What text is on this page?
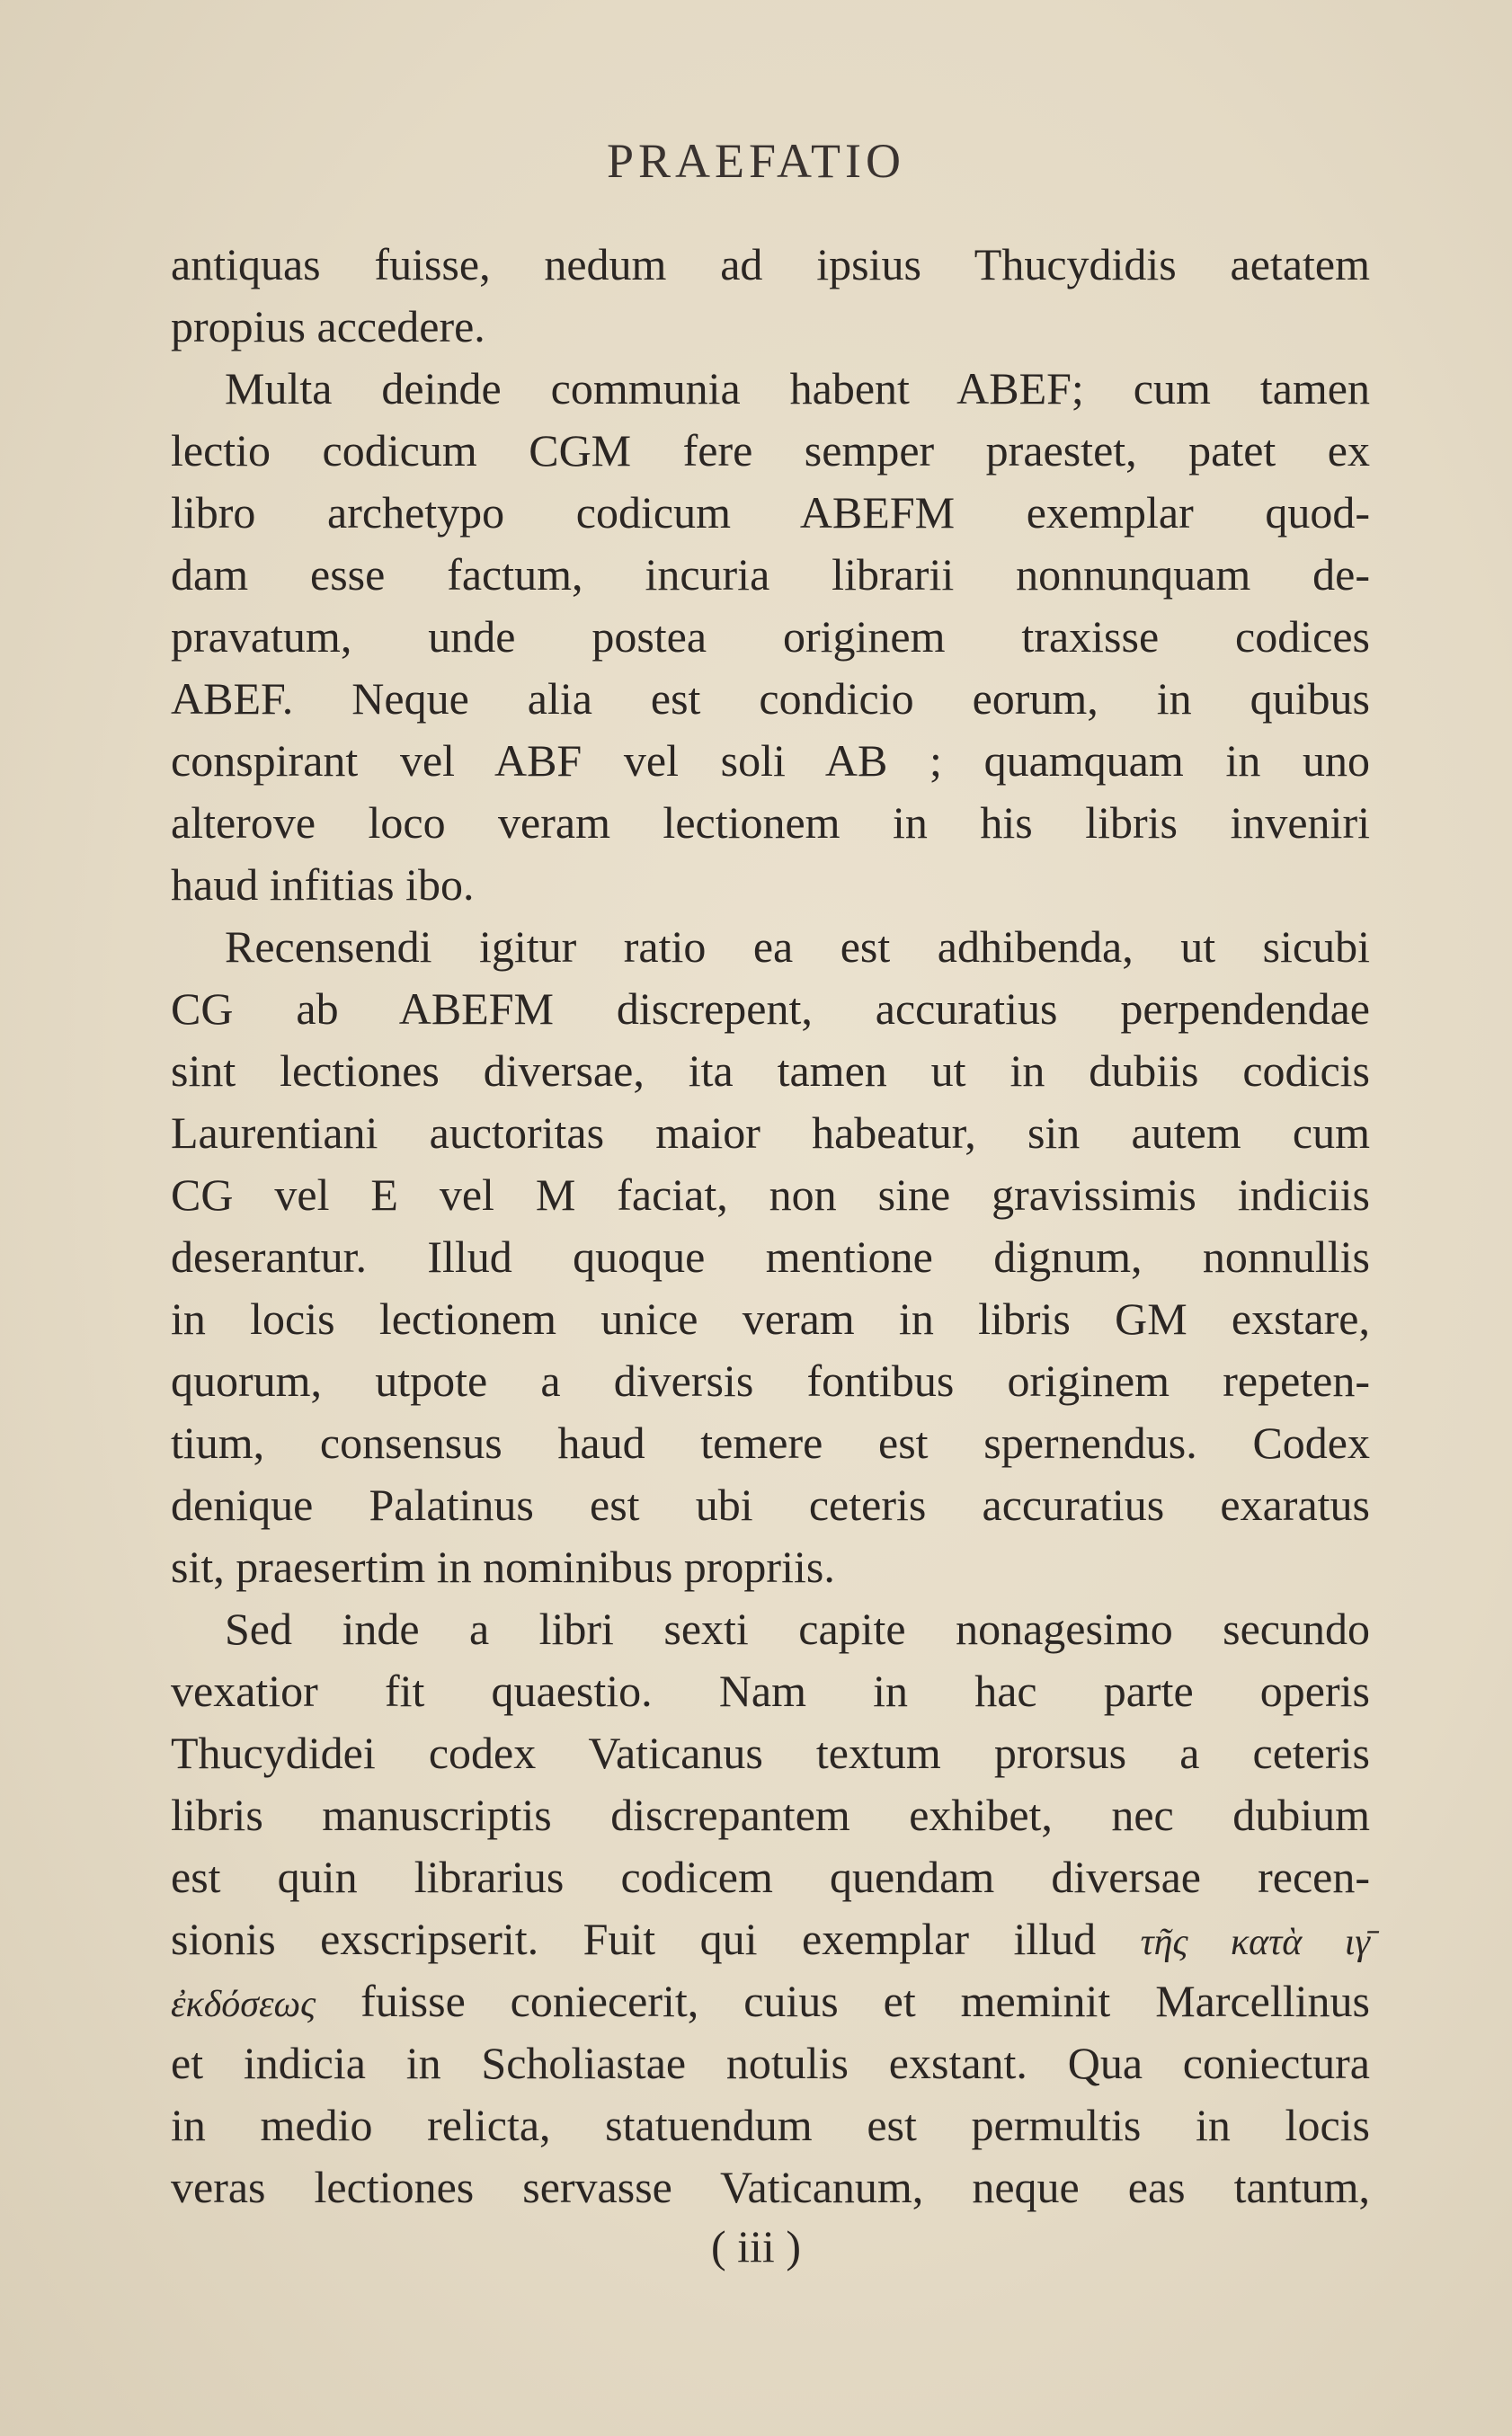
PRAEFATIO
antiquas fuisse, nedum ad ipsius Thucydidis aetatem
propius accedere.
Multa deinde communia habent ABEF; cum tamen
lectio codicum CGM fere semper praestet, patet ex
libro archetypo codicum ABEFM exemplar quod-
dam esse factum, incuria librarii nonnunquam de-
pravatum, unde postea originem traxisse codices
ABEF. Neque alia est condicio eorum, in quibus
conspirant vel ABF vel soli AB ; quamquam in uno
alterove loco veram lectionem in his libris inveniri
haud infitias ibo.
Recensendi igitur ratio ea est adhibenda, ut sicubi
CG ab ABEFM discrepent, accuratius perpendendae
sint lectiones diversae, ita tamen ut in dubiis codicis
Laurentiani auctoritas maior habeatur, sin autem cum
CG vel E vel M faciat, non sine gravissimis indiciis
deserantur. Illud quoque mentione dignum, nonnullis
in locis lectionem unice veram in libris GM exstare,
quorum, utpote a diversis fontibus originem repeten-
tium, consensus haud temere est spernendus. Codex
denique Palatinus est ubi ceteris accuratius exaratus
sit, praesertim in nominibus propriis.
Sed inde a libri sexti capite nonagesimo secundo
vexatior fit quaestio. Nam in hac parte operis
Thucydidei codex Vaticanus textum prorsus a ceteris
libris manuscriptis discrepantem exhibet, nec dubium
est quin librarius codicem quendam diversae recen-
sionis exscripserit. Fuit qui exemplar illud τῆς κατὰ ιγ̄
ἐκδόσεως fuisse coniecerit, cuius et meminit Marcellinus
et indicia in Scholiastae notulis exstant. Qua coniectura
in medio relicta, statuendum est permultis in locis
veras lectiones servasse Vaticanum, neque eas tantum,
( iii )
